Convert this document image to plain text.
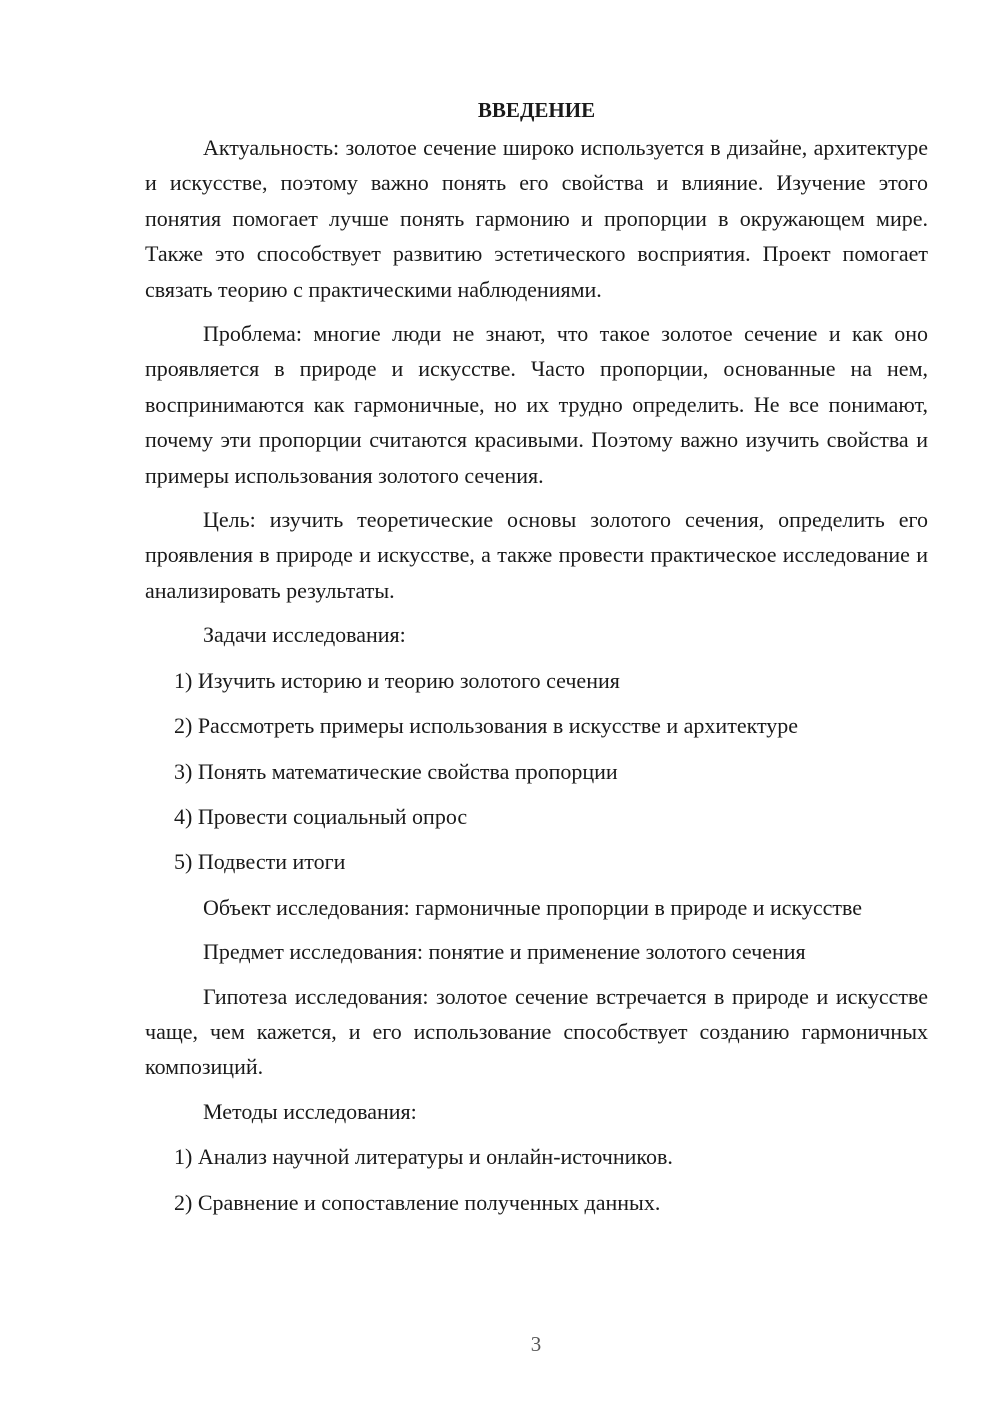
ВВЕДЕНИЕ

Актуальность: золотое сечение широко используется в дизайне, архитектуре и искусстве, поэтому важно понять его свойства и влияние. Изучение этого понятия помогает лучше понять гармонию и пропорции в окружающем мире. Также это способствует развитию эстетического восприятия. Проект помогает связать теорию с практическими наблюдениями.

Проблема: многие люди не знают, что такое золотое сечение и как оно проявляется в природе и искусстве. Часто пропорции, основанные на нем, воспринимаются как гармоничные, но их трудно определить. Не все понимают, почему эти пропорции считаются красивыми. Поэтому важно изучить свойства и примеры использования золотого сечения.

Цель: изучить теоретические основы золотого сечения, определить его проявления в природе и искусстве, а также провести практическое исследование и анализировать результаты.

Задачи исследования:

1) Изучить историю и теорию золотого сечения

2) Рассмотреть примеры использования в искусстве и архитектуре

3) Понять математические свойства пропорции

4) Провести социальный опрос

5) Подвести итоги

Объект исследования: гармоничные пропорции в природе и искусстве

Предмет исследования: понятие и применение золотого сечения

Гипотеза исследования: золотое сечение встречается в природе и искусстве чаще, чем кажется, и его использование способствует созданию гармоничных композиций.

Методы исследования:

1) Анализ научной литературы и онлайн-источников.

2) Сравнение и сопоставление полученных данных.

3
